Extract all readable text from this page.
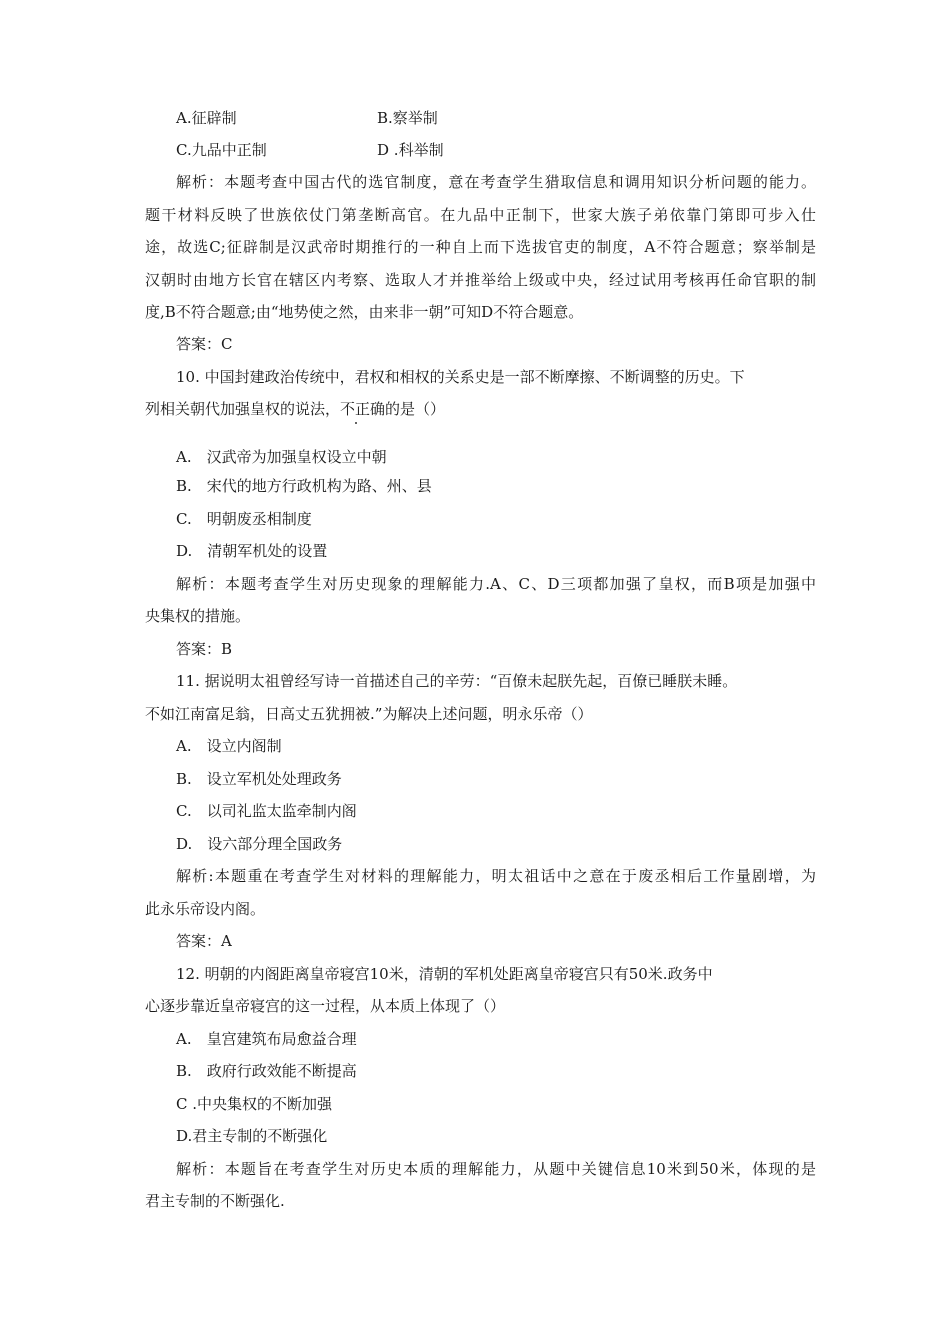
A.征辟制	B.察举制
C.九品中正制	D .科举制
解析：本题考查中国古代的选官制度，意在考查学生猎取信息和调用知识分析问题的能力。
题干材料反映了世族依仗门第垄断高官。在九品中正制下，世家大族子弟依靠门第即可步入仕
途，故选C;征辟制是汉武帝时期推行的一种自上而下选拔官吏的制度，A不符合题意；察举制是
汉朝时由地方长官在辖区内考察、选取人才并推举给上级或中央，经过试用考核再任命官职的制
度,B不符合题意;由“地势使之然，由来非一朝”可知D不符合题意。
答案：C
10. 中国封建政治传统中，君权和相权的关系史是一部不断摩擦、不断调整的历史。下
列相关朝代加强皇权的说法，不正确的是（）
A.　汉武帝为加强皇权设立中朝
B.　宋代的地方行政机构为路、州、县
C.　明朝废丞相制度
D.　清朝军机处的设置
解析：本题考查学生对历史现象的理解能力.A、C、D三项都加强了皇权，而B项是加强中
央集权的措施。
答案：B
11. 据说明太祖曾经写诗一首描述自己的辛劳：“百僚未起朕先起，百僚已睡朕未睡。
不如江南富足翁，日高丈五犹拥被.”为解决上述问题，明永乐帝（）
A.　设立内阁制
B.　设立军机处处理政务
C.　以司礼监太监牵制内阁
D.　设六部分理全国政务
解析:本题重在考查学生对材料的理解能力，明太祖话中之意在于废丞相后工作量剧增，为
此永乐帝设内阁。
答案：A
12. 明朝的内阁距离皇帝寝宫10米，清朝的军机处距离皇帝寝宫只有50米.政务中
心逐步靠近皇帝寝宫的这一过程，从本质上体现了（）
A.　皇宫建筑布局愈益合理
B.　政府行政效能不断提高
C .中央集权的不断加强
D.君主专制的不断强化
解析：本题旨在考查学生对历史本质的理解能力，从题中关键信息10米到50米，体现的是
君主专制的不断强化.
